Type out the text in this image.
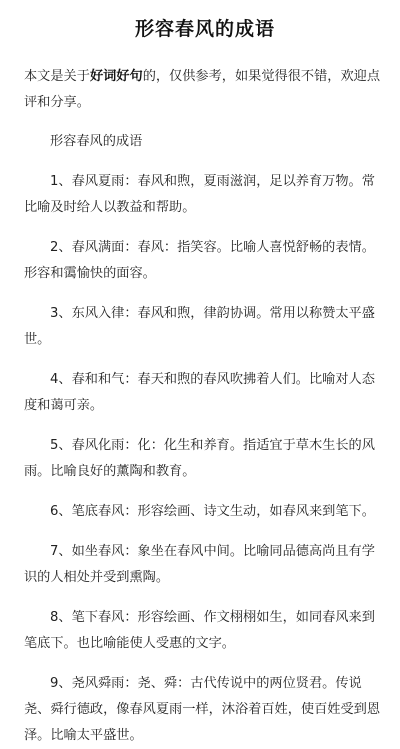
形容春风的成语
本文是关于好词好句的，仅供参考，如果觉得很不错，欢迎点评和分享。
形容春风的成语
1、春风夏雨：春风和煦，夏雨滋润，足以养育万物。常比喻及时给人以教益和帮助。
2、春风满面：春风：指笑容。比喻人喜悦舒畅的表情。形容和霭愉快的面容。
3、东风入律：春风和煦，律韵协调。常用以称赞太平盛世。
4、春和和气：春天和煦的春风吹拂着人们。比喻对人态度和蔼可亲。
5、春风化雨：化：化生和养育。指适宜于草木生长的风雨。比喻良好的薰陶和教育。
6、笔底春风：形容绘画、诗文生动，如春风来到笔下。
7、如坐春风：象坐在春风中间。比喻同品德高尚且有学识的人相处并受到熏陶。
8、笔下春风：形容绘画、作文栩栩如生，如同春风来到笔底下。也比喻能使人受惠的文字。
9、尧风舜雨：尧、舜：古代传说中的两位贤君。传说尧、舜行德政，像春风夏雨一样，沐浴着百姓，使百姓受到恩泽。比喻太平盛世。
